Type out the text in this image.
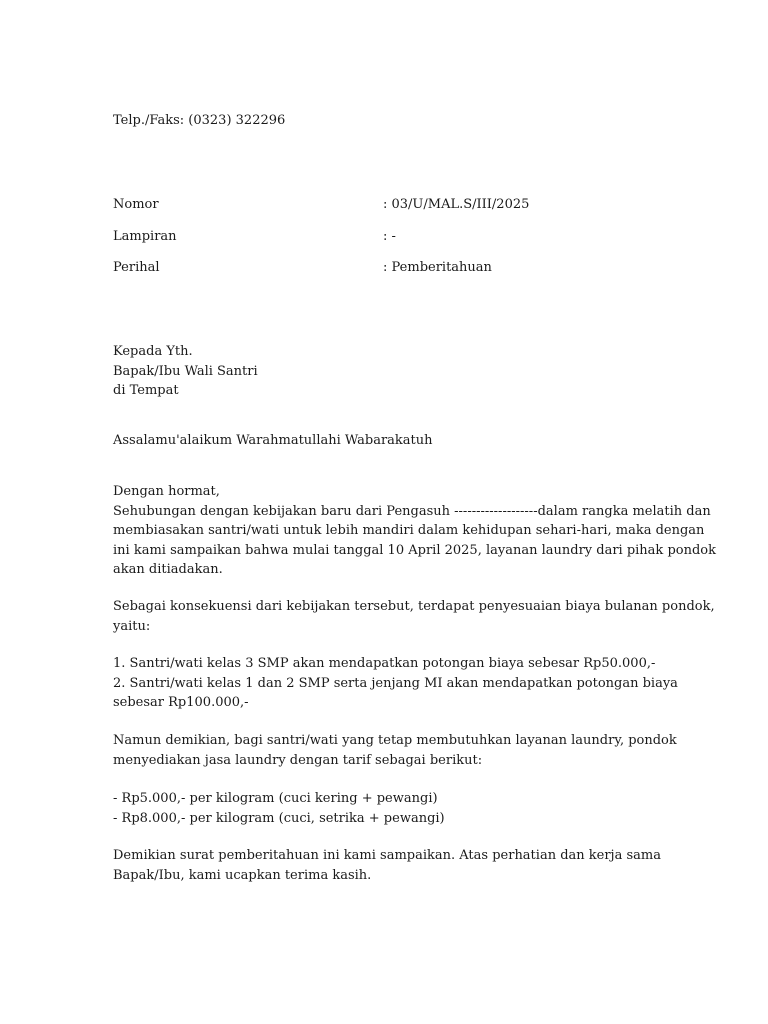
Telp./Faks: (0323) 322296
Nomor	: 03/U/MAL.S/III/2025
Lampiran	: -
Perihal	: Pemberitahuan
Kepada Yth.
Bapak/Ibu Wali Santri
di Tempat
Assalamu'alaikum Warahmatullahi Wabarakatuh
Dengan hormat,
Sehubungan dengan kebijakan baru dari Pengasuh -------------------dalam rangka melatih dan
membiasakan santri/wati untuk lebih mandiri dalam kehidupan sehari-hari, maka dengan
ini kami sampaikan bahwa mulai tanggal 10 April 2025, layanan laundry dari pihak pondok
akan ditiadakan.
Sebagai konsekuensi dari kebijakan tersebut, terdapat penyesuaian biaya bulanan pondok,
yaitu:
1. Santri/wati kelas 3 SMP akan mendapatkan potongan biaya sebesar Rp50.000,-
2. Santri/wati kelas 1 dan 2 SMP serta jenjang MI akan mendapatkan potongan biaya
sebesar Rp100.000,-
Namun demikian, bagi santri/wati yang tetap membutuhkan layanan laundry, pondok
menyediakan jasa laundry dengan tarif sebagai berikut:
- Rp5.000,- per kilogram (cuci kering + pewangi)
- Rp8.000,- per kilogram (cuci, setrika + pewangi)
Demikian surat pemberitahuan ini kami sampaikan. Atas perhatian dan kerja sama
Bapak/Ibu, kami ucapkan terima kasih.
